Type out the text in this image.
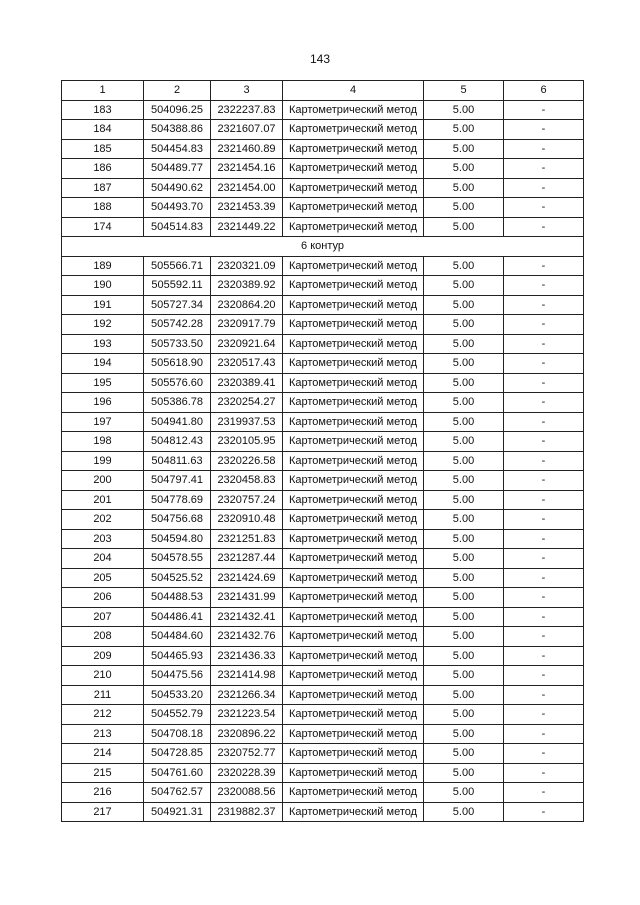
143
1	2	3	4	5	6
183	504096.25	2322237.83	Картометрический метод	5.00	-
184	504388.86	2321607.07	Картометрический метод	5.00	-
185	504454.83	2321460.89	Картометрический метод	5.00	-
186	504489.77	2321454.16	Картометрический метод	5.00	-
187	504490.62	2321454.00	Картометрический метод	5.00	-
188	504493.70	2321453.39	Картометрический метод	5.00	-
174	504514.83	2321449.22	Картометрический метод	5.00	-
6 контур					
189	505566.71	2320321.09	Картометрический метод	5.00	-
190	505592.11	2320389.92	Картометрический метод	5.00	-
191	505727.34	2320864.20	Картометрический метод	5.00	-
192	505742.28	2320917.79	Картометрический метод	5.00	-
193	505733.50	2320921.64	Картометрический метод	5.00	-
194	505618.90	2320517.43	Картометрический метод	5.00	-
195	505576.60	2320389.41	Картометрический метод	5.00	-
196	505386.78	2320254.27	Картометрический метод	5.00	-
197	504941.80	2319937.53	Картометрический метод	5.00	-
198	504812.43	2320105.95	Картометрический метод	5.00	-
199	504811.63	2320226.58	Картометрический метод	5.00	-
200	504797.41	2320458.83	Картометрический метод	5.00	-
201	504778.69	2320757.24	Картометрический метод	5.00	-
202	504756.68	2320910.48	Картометрический метод	5.00	-
203	504594.80	2321251.83	Картометрический метод	5.00	-
204	504578.55	2321287.44	Картометрический метод	5.00	-
205	504525.52	2321424.69	Картометрический метод	5.00	-
206	504488.53	2321431.99	Картометрический метод	5.00	-
207	504486.41	2321432.41	Картометрический метод	5.00	-
208	504484.60	2321432.76	Картометрический метод	5.00	-
209	504465.93	2321436.33	Картометрический метод	5.00	-
210	504475.56	2321414.98	Картометрический метод	5.00	-
211	504533.20	2321266.34	Картометрический метод	5.00	-
212	504552.79	2321223.54	Картометрический метод	5.00	-
213	504708.18	2320896.22	Картометрический метод	5.00	-
214	504728.85	2320752.77	Картометрический метод	5.00	-
215	504761.60	2320228.39	Картометрический метод	5.00	-
216	504762.57	2320088.56	Картометрический метод	5.00	-
217	504921.31	2319882.37	Картометрический метод	5.00	-
